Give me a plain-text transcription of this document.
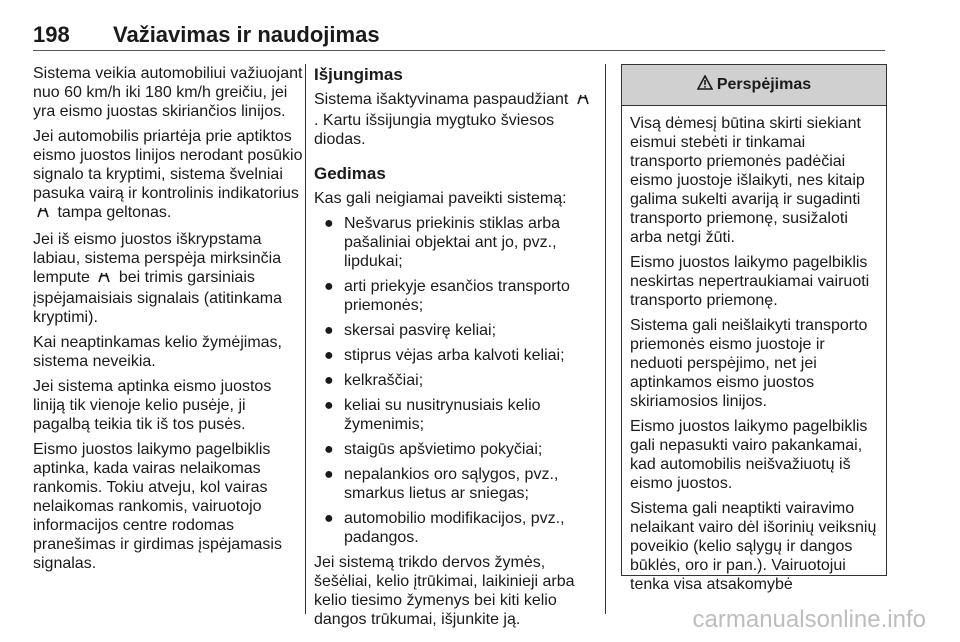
198 Važiavimas ir naudojimas

Sistema veikia automobiliui važiuojant nuo 60 km/h iki 180 km/h greičiu, jei yra eismo juostas skiriančios linijos.

Jei automobilis priartėja prie aptiktos eismo juostos linijos nerodant posūkio signalo ta kryptimi, sistema švelniai pasuka vairą ir kontrolinis indikatorius  tampa geltonas.

Jei iš eismo juostos iškrypstama labiau, sistema perspėja mirksinčia lempute bei trimis garsiniais įspėjamaisiais signalais (atitinkama kryptimi).

Kai neaptinkamas kelio žymėjimas, sistema neveikia.

Jei sistema aptinka eismo juostos liniją tik vienoje kelio pusėje, ji pagalbą teikia tik iš tos pusės.

Eismo juostos laikymo pagelbiklis aptinka, kada vairas nelaikomas rankomis. Tokiu atveju, kol vairas nelaikomas rankomis, vairuotojo informacijos centre rodomas pranešimas ir girdimas įspėjamasis signalas.

Išjungimas

Sistema išaktyvinama paspaudžiant . Kartu išsijungia mygtuko šviesos diodas.

Gedimas

Kas gali neigiamai paveikti sistemą:

● Nešvarus priekinis stiklas arba pašaliniai objektai ant jo, pvz., lipdukai;
● arti priekyje esančios transporto priemonės;
● skersai pasvirę keliai;
● stiprus vėjas arba kalvoti keliai;
● kelkraščiai;
● keliai su nusitrynusiais kelio žymenimis;
● staigūs apšvietimo pokyčiai;
● nepalankios oro sąlygos, pvz., smarkus lietus ar sniegas;
● automobilio modifikacijos, pvz., padangos.

Jei sistemą trikdo dervos žymės, šešėliai, kelio įtrūkimai, laikinieji arba kelio tiesimo žymenys bei kiti kelio dangos trūkumai, išjunkite ją.

Perspėjimas

Visą dėmesį būtina skirti siekiant eismui stebėti ir tinkamai transporto priemonės padėčiai eismo juostoje išlaikyti, nes kitaip galima sukelti avariją ir sugadinti transporto priemonę, susižaloti arba netgi žūti.

Eismo juostos laikymo pagelbiklis neskirtas nepertraukiamai vairuoti transporto priemonę.

Sistema gali neišlaikyti transporto priemonės eismo juostoje ir neduoti perspėjimo, net jei aptinkamos eismo juostos skiriamosios linijos.

Eismo juostos laikymo pagelbiklis gali nepasukti vairo pakankamai, kad automobilis neišvažiuotų iš eismo juostos.

Sistema gali neaptikti vairavimo nelaikant vairo dėl išorinių veiksnių poveikio (kelio sąlygų ir dangos būklės, oro ir pan.). Vairuotojui tenka visa atsakomybė

carmanualsonline.info
